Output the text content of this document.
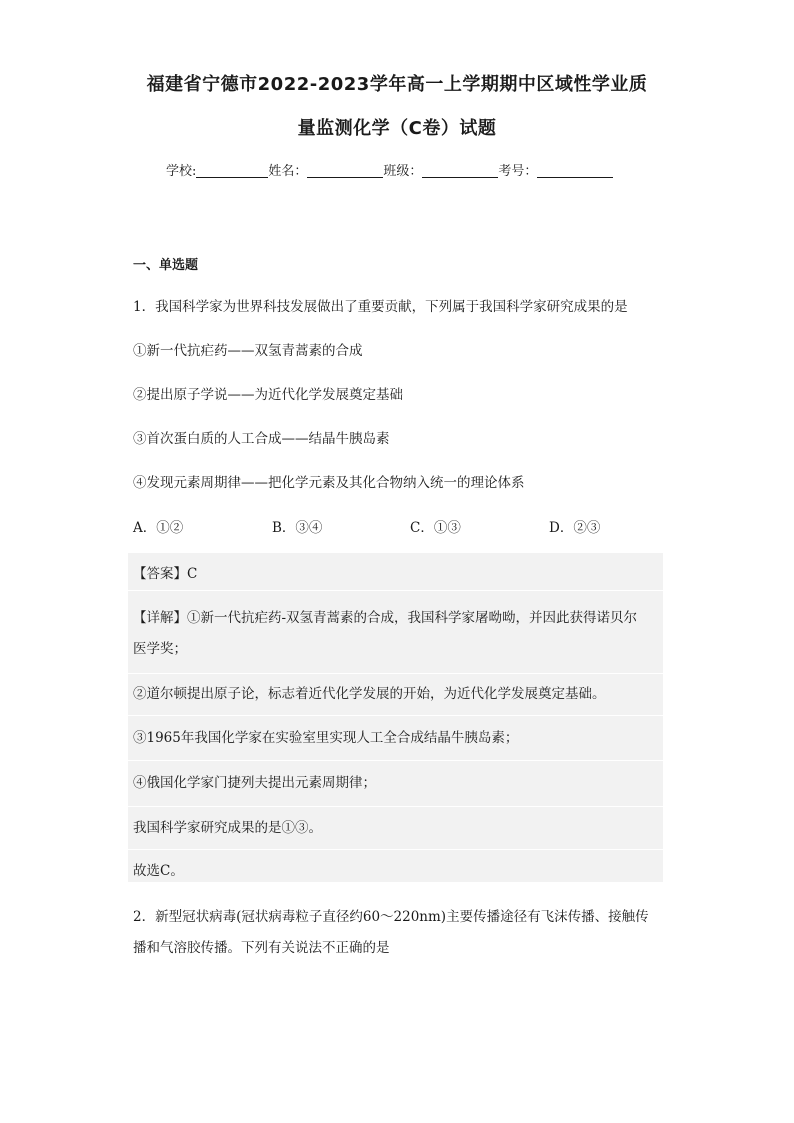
福建省宁德市2022-2023学年高一上学期期中区域性学业质
量监测化学（C卷）试题
学校:	姓名：	班级：	考号：
一、单选题
1．我国科学家为世界科技发展做出了重要贡献，下列属于我国科学家研究成果的是
①新一代抗疟药——双氢青蒿素的合成
②提出原子学说——为近代化学发展奠定基础
③首次蛋白质的人工合成——结晶牛胰岛素
④发现元素周期律——把化学元素及其化合物纳入统一的理论体系
A．①②	B．③④	C．①③	D．②③
【答案】C
【详解】①新一代抗疟药-双氢青蒿素的合成，我国科学家屠呦呦，并因此获得诺贝尔
医学奖；
②道尔顿提出原子论，标志着近代化学发展的开始，为近代化学发展奠定基础。
③1965年我国化学家在实验室里实现人工全合成结晶牛胰岛素；
④俄国化学家门捷列夫提出元素周期律；
我国科学家研究成果的是①③。
故选C。
2．新型冠状病毒(冠状病毒粒子直径约60～220nm)主要传播途径有飞沫传播、接触传
播和气溶胶传播。下列有关说法不正确的是
